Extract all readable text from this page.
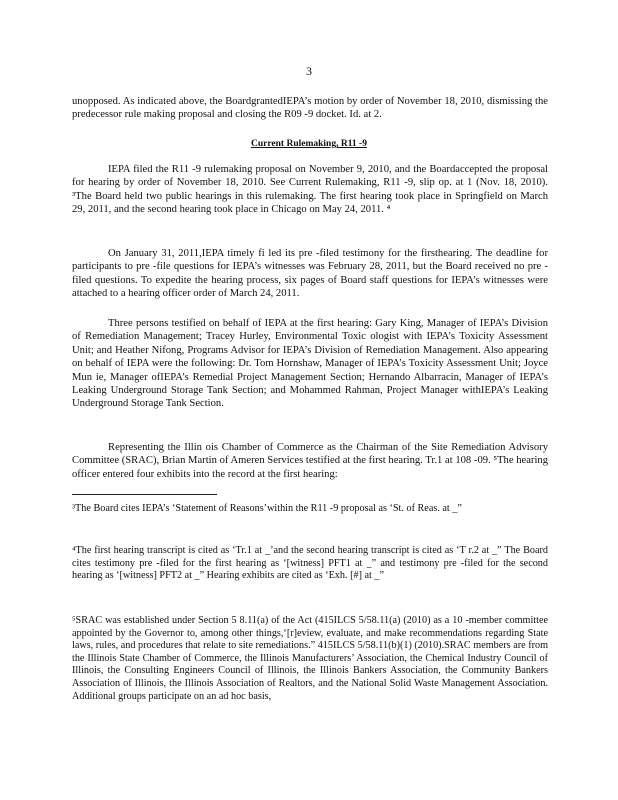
3

unopposed. As indicated above, the BoardgrantedIEPA’s motion by order of November 18, 2010, dismissing the predecessor rule making proposal and closing the R09 -9 docket. Id. at 2.

Current Rulemaking, R11 -9
IEPA filed the R11 -9 rulemaking proposal on November 9, 2010, and the Boardaccepted the proposal for hearing by order of November 18, 2010. See Current Rulemaking, R11 -9, slip op. at 1 (Nov. 18, 2010). ³The Board held two public hearings in this rulemaking. The first hearing took place in Springfield on March 29, 2011, and the second hearing took place in Chicago on May 24, 2011. ⁴
On January 31, 2011,IEPA timely fi led its pre -filed testimony for the firsthearing. The deadline for participants to pre -file questions for IEPA’s witnesses was February 28, 2011, but the Board received no pre -filed questions. To expedite the hearing process, six pages of Board staff questions for IEPA’s witnesses were attached to a hearing officer order of March 24, 2011.
Three persons testified on behalf of IEPA at the first hearing: Gary King, Manager of IEPA’s Division of Remediation Management; Tracey Hurley, Environmental Toxic ologist with IEPA’s Toxicity Assessment Unit; and Heather Nifong, Programs Advisor for IEPA’s Division of Remediation Management. Also appearing on behalf of IEPA were the following: Dr. Tom Hornshaw, Manager of IEPA’s Toxicity Assessment Unit; Joyce Mun ie, Manager ofIEPA’s Remedial Project Management Section; Hernando Albarracin, Manager of IEPA’s Leaking Underground Storage Tank Section; and Mohammed Rahman, Project Manager withIEPA’s Leaking Underground Storage Tank Section.
Representing the Illin ois Chamber of Commerce as the Chairman of the Site Remediation Advisory Committee (SRAC), Brian Martin of Ameren Services testified at the first hearing. Tr.1 at 108 -09. ⁵The hearing officer entered four exhibits into the record at the first hearing:
³The Board cites IEPA’s ‘Statement of Reasons’within the R11 -9 proposal as ‘St. of Reas. at _”
⁴The first hearing transcript is cited as ‘Tr.1 at _’and the second hearing transcript is cited as ‘T r.2 at _” The Board cites testimony pre -filed for the first hearing as ‘[witness] PFT1 at _” and testimony pre -filed for the second hearing as ‘[witness] PFT2 at _” Hearing exhibits are cited as ‘Exh. [#] at _”
⁵SRAC was established under Section 5 8.11(a) of the Act (415ILCS 5/58.11(a) (2010) as a 10 -member committee appointed by the Governor to, among other things,‘[r]eview, evaluate, and make recommendations regarding State laws, rules, and procedures that relate to site remediations.” 415ILCS 5/58.11(b)(1) (2010).SRAC members are from the Illinois State Chamber of Commerce, the Illinois Manufacturers’ Association, the Chemical Industry Council of Illinois, the Consulting Engineers Council of Illinois, the Illinois Bankers Association, the Community Bankers Association of Illinois, the Illinois Association of Realtors, and the National Solid Waste Management Association. Additional groups participate on an ad hoc basis,
